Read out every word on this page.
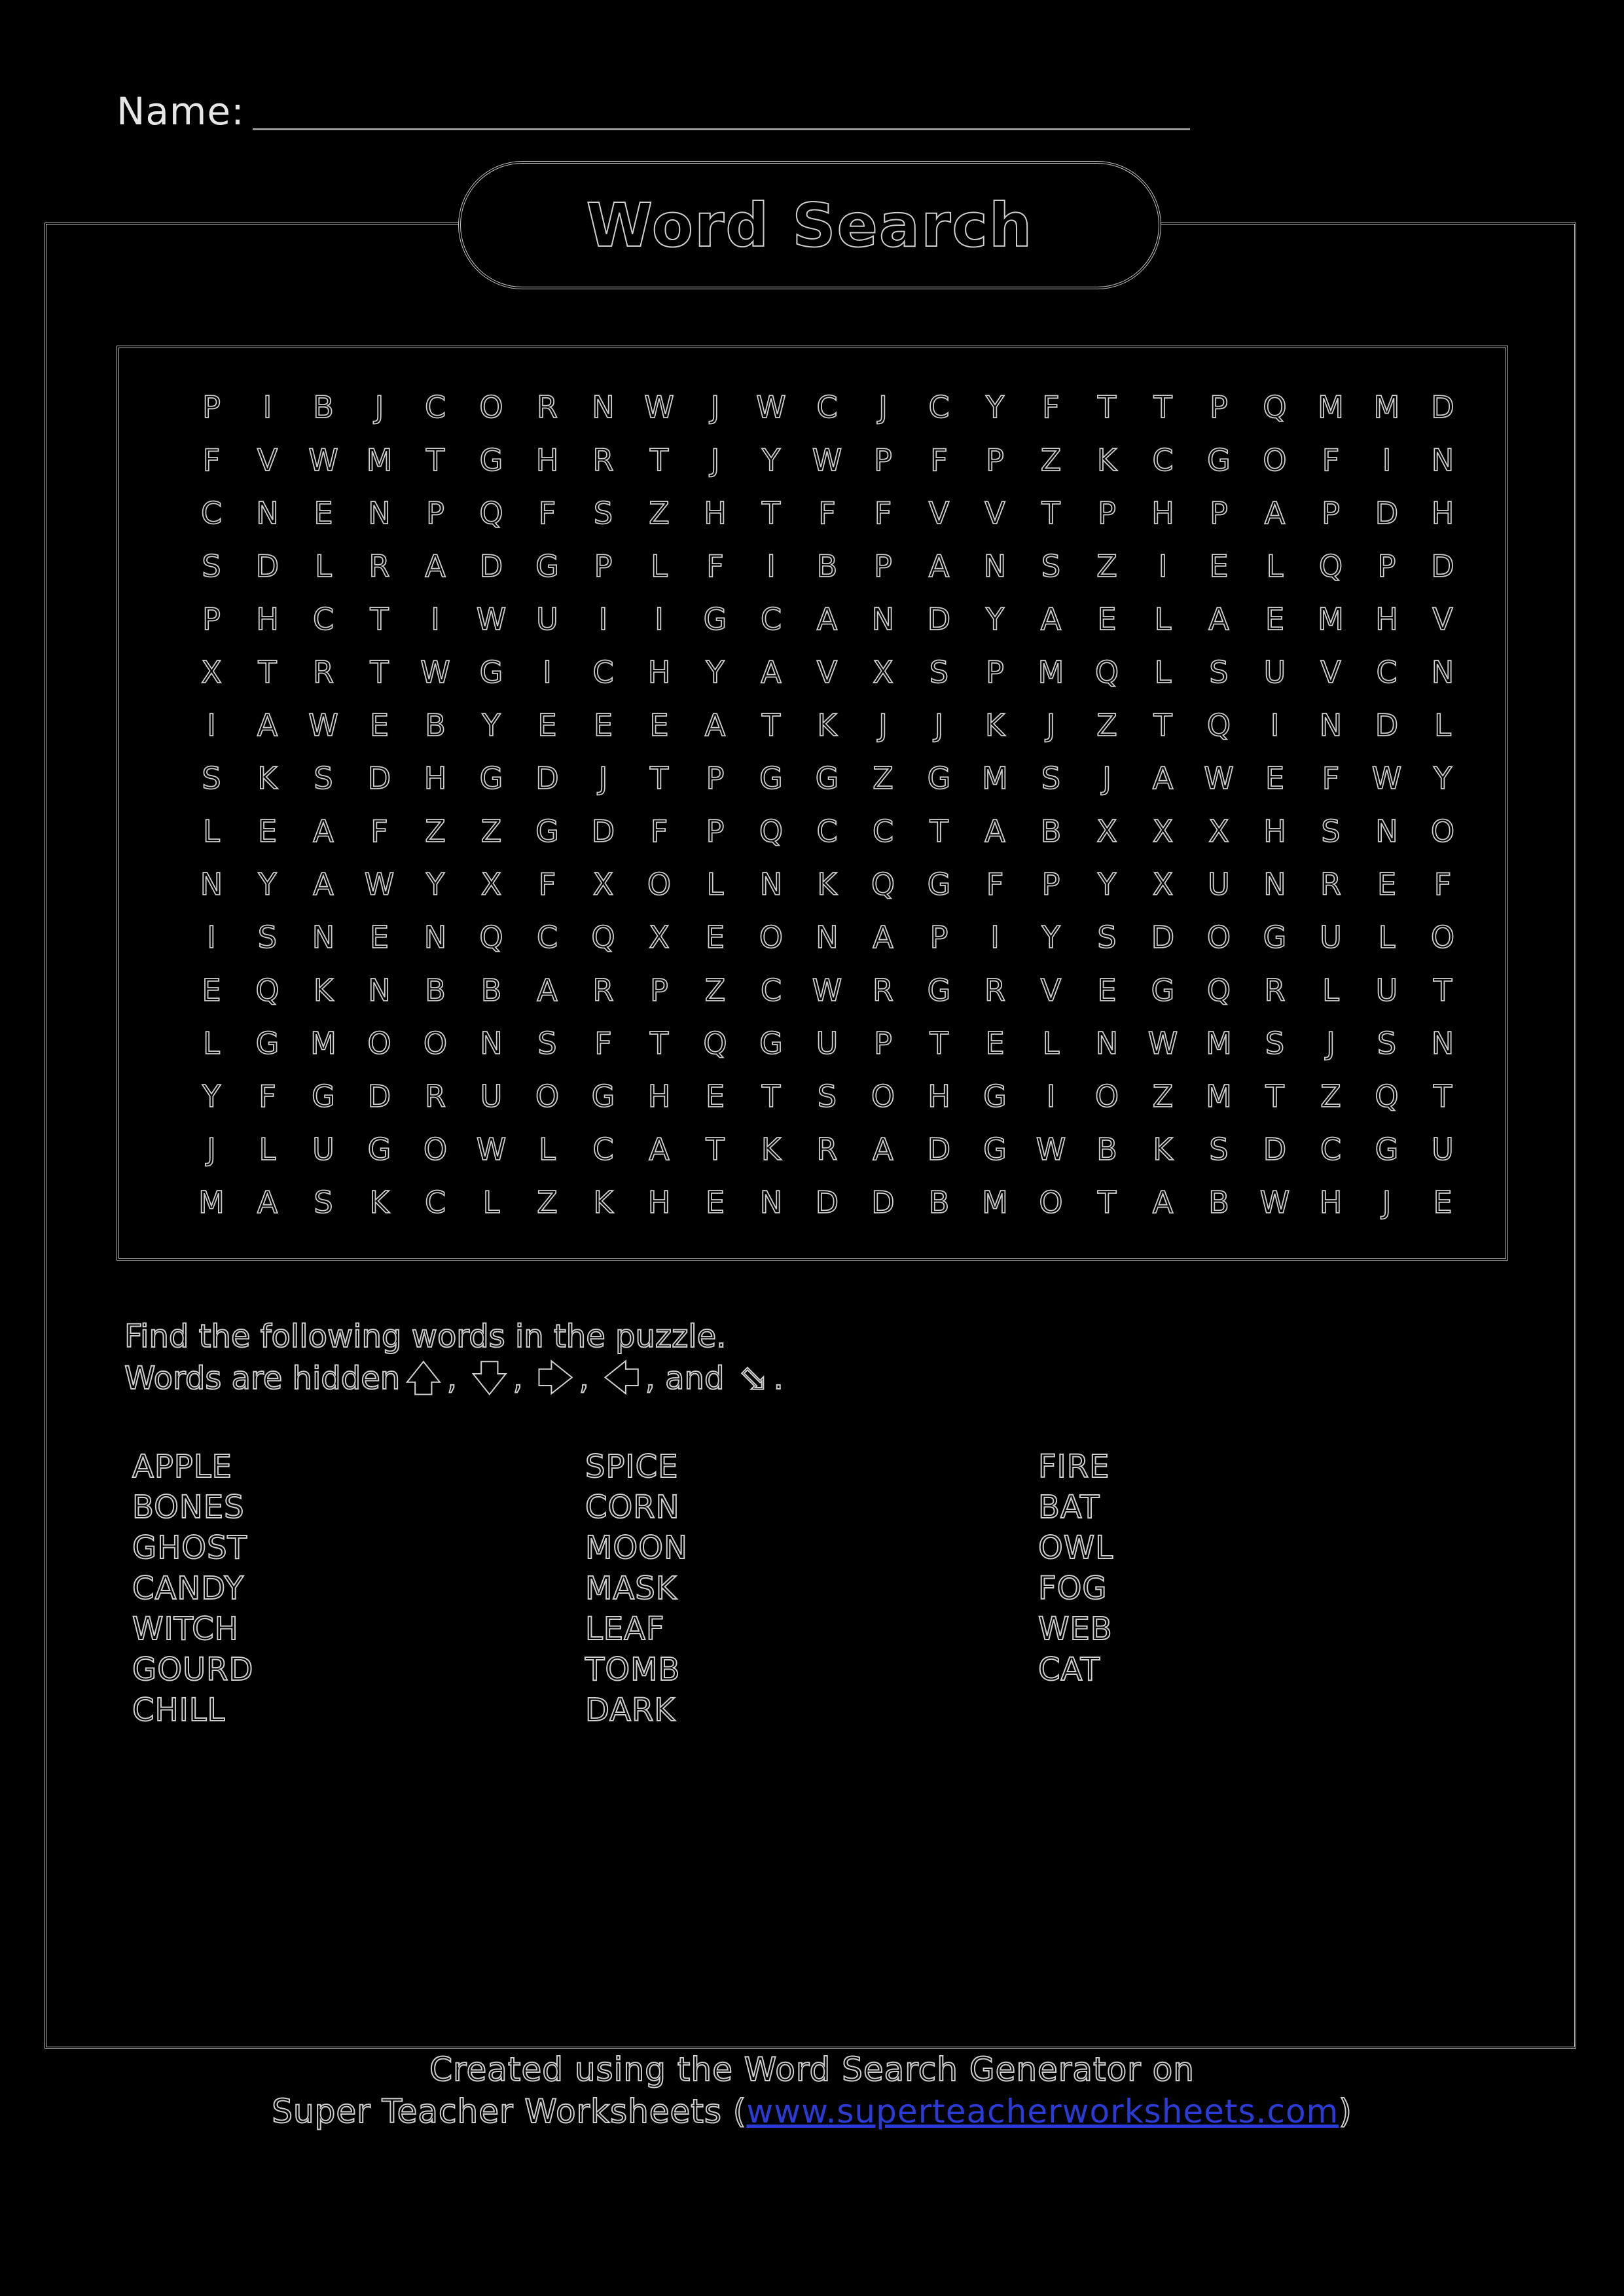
Name:
Word Search
P I B J C O R N W J W C J C Y F T T P Q M M D
F V W M T G H R T J Y W P F P Z K C G O F I N
C N E N P Q F S Z H T F F V V T P H P A P D H
S D L R A D G P L F I B P A N S Z I E L Q P D
P H C T I W U I I G C A N D Y A E L A E M H V
X T R T W G I C H Y A V X S P M Q L S U V C N
I A W E B Y E E E A T K J J K J Z T Q I N D L
S K S D H G D J T P G G Z G M S J A W E F W Y
L E A F Z Z G D F P Q C C T A B X X X H S N O
N Y A W Y X F X O L N K Q G F P Y X U N R E F
I S N E N Q C Q X E O N A P I Y S D O G U L O
E Q K N B B A R P Z C W R G R V E G Q R L U T
L G M O O N S F T Q G U P T E L N W M S J S N
Y F G D R U O G H E T S O H G I O Z M T Z Q T
J L U G O W L C A T K R A D G W B K S D C G U
M A S K C L Z K H E N D D B M O T A B W H J E
Find the following words in the puzzle.
Words are hidden 🡅 , 🡇 , 🡆 , 🡄 , and ⬂ .
APPLE
BONES
GHOST
CANDY
WITCH
GOURD
CHILL
SPICE
CORN
MOON
MASK
LEAF
TOMB
DARK
FIRE
BAT
OWL
FOG
WEB
CAT
Created using the Word Search Generator on
Super Teacher Worksheets (www.superteacherworksheets.com)
